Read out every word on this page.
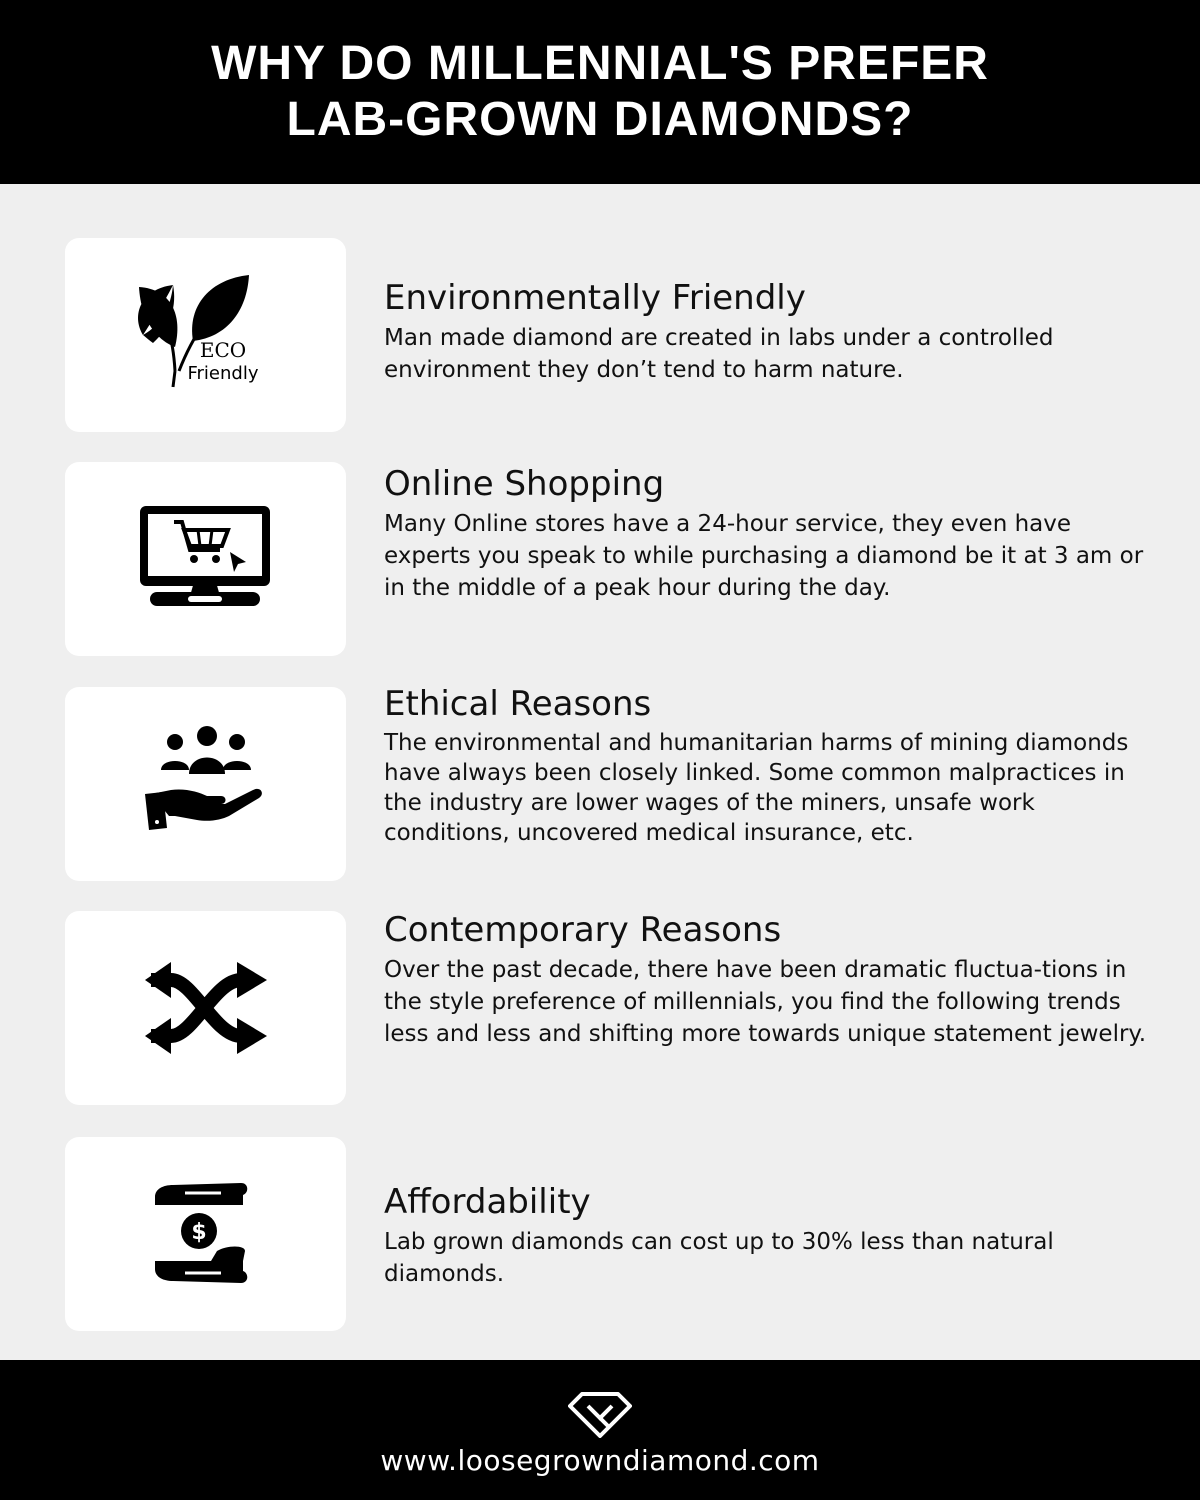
WHY DO MILLENNIAL'S PREFER
LAB-GROWN DIAMONDS?
ECO
Friendly
Environmentally Friendly

Man made diamond are created in labs under a controlled environment they don’t tend to harm nature.

Online Shopping

Many Online stores have a 24-hour service, they even have experts you speak to while purchasing a diamond be it at 3 am or in the middle of a peak hour during the day.

Ethical Reasons

The environmental and humanitarian harms of mining diamonds have always been closely linked. Some common malpractices in the industry are lower wages of the miners, unsafe work conditions, uncovered medical insurance, etc.

Contemporary Reasons

Over the past decade, there have been dramatic fluctua-tions in the style preference of millennials, you find the following trends less and less and shifting more towards unique statement jewelry.

$
Affordability

Lab grown diamonds can cost up to 30% less than natural diamonds.

www.loosegrowndiamond.com
